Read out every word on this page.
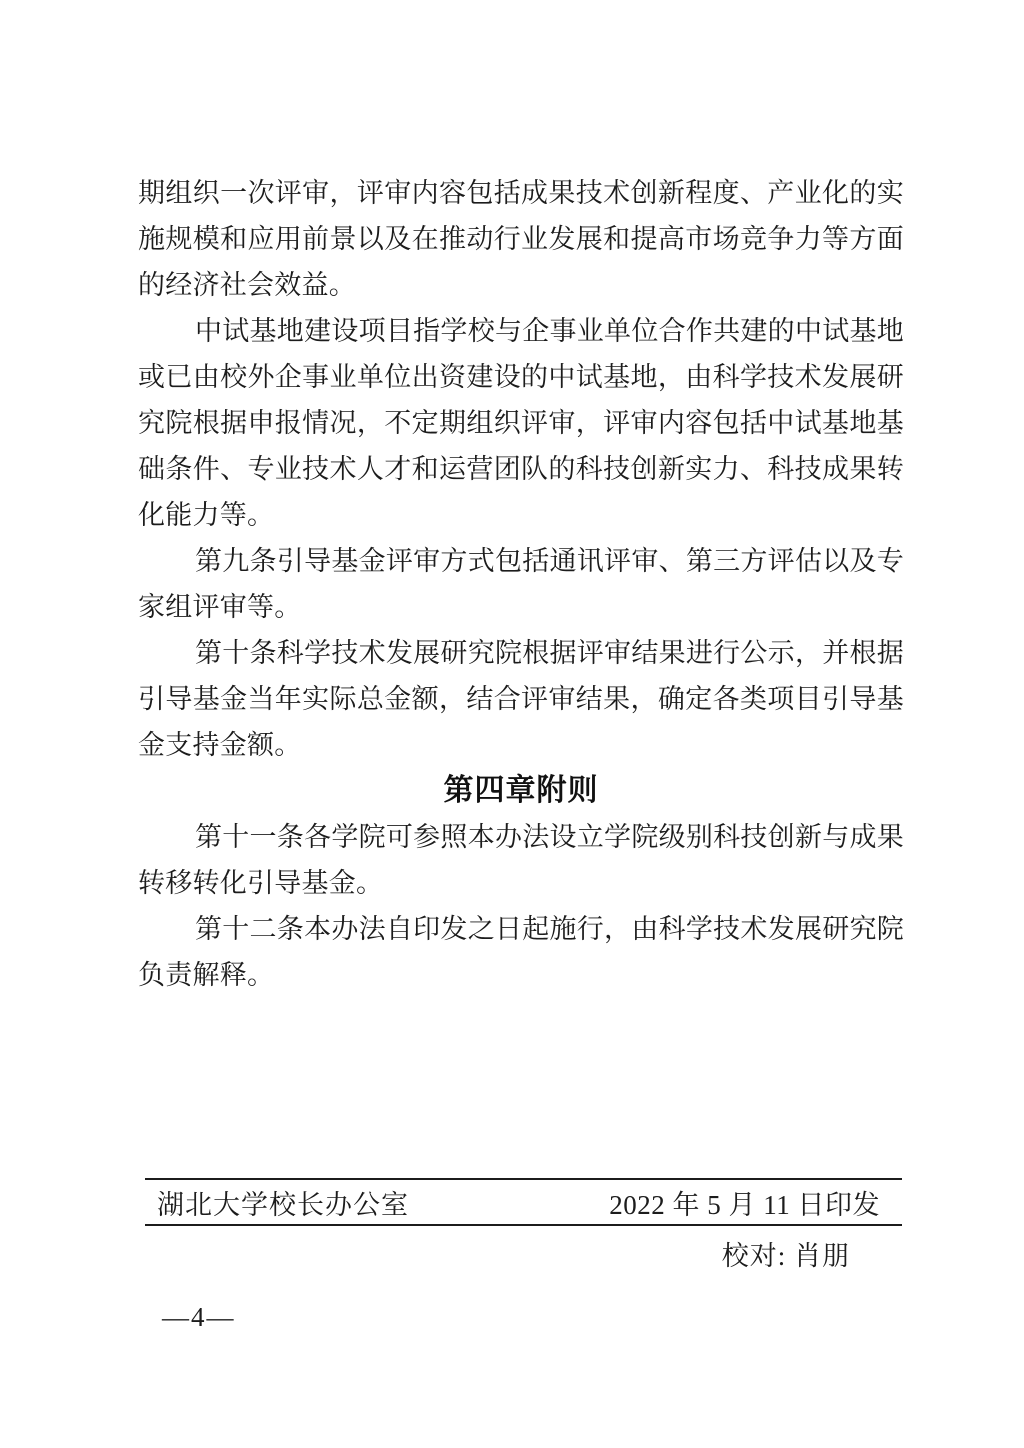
期组织一次评审，评审内容包括成果技术创新程度、产业化的实施规模和应用前景以及在推动行业发展和提高市场竞争力等方面的经济社会效益。

中试基地建设项目指学校与企事业单位合作共建的中试基地或已由校外企事业单位出资建设的中试基地，由科学技术发展研究院根据申报情况，不定期组织评审，评审内容包括中试基地基础条件、专业技术人才和运营团队的科技创新实力、科技成果转化能力等。

第九条引导基金评审方式包括通讯评审、第三方评估以及专家组评审等。

第十条科学技术发展研究院根据评审结果进行公示，并根据引导基金当年实际总金额，结合评审结果，确定各类项目引导基金支持金额。

第四章附则

第十一条各学院可参照本办法设立学院级别科技创新与成果转移转化引导基金。

第十二条本办法自印发之日起施行，由科学技术发展研究院负责解释。

湖北大学校长办公室	2022 年 5 月 11 日印发
校对: 肖朋
—4—
